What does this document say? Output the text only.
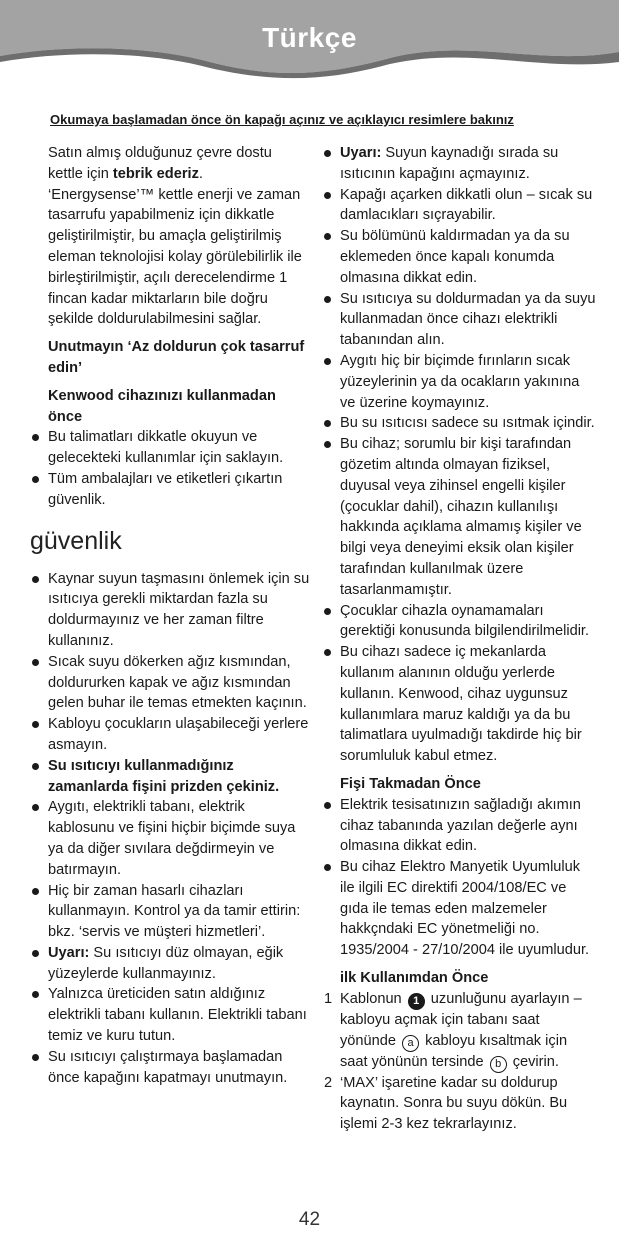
Türkçe
Okumaya başlamadan önce ön kapağı açınız ve açıklayıcı resimlere bakınız

Satın almış olduğunuz çevre dostu kettle için tebrik ederiz. ‘Energysense’™ kettle enerji ve zaman tasarrufu yapabilmeniz için dikkatle geliştirilmiştir, bu amaçla geliştirilmiş eleman teknolojisi kolay görülebilirlik ile birleştirilmiştir, açılı derecelendirme 1 fincan kadar miktarların bile doğru şekilde doldurulabilmesini sağlar.

Unutmayın ‘Az doldurun çok tasarruf edin’

Kenwood cihazınızı kullanmadan önce

Bu talimatları dikkatle okuyun ve gelecekteki kullanımlar için saklayın.
Tüm ambalajları ve etiketleri çıkartın güvenlik.
güvenlik
Kaynar suyun taşmasını önlemek için su ısıtıcıya gerekli miktardan fazla su doldurmayınız ve her zaman filtre kullanınız.
Sıcak suyu dökerken ağız kısmından, doldururken kapak ve ağız kısmından gelen buhar ile temas etmekten kaçının.
Kabloyu çocukların ulaşabileceği yerlere asmayın.
Su ısıtıcıyı kullanmadığınız zamanlarda fişini prizden çekiniz.
Aygıtı, elektrikli tabanı, elektrik kablosunu ve fişini hiçbir biçimde suya ya da diğer sıvılara değdirmeyin ve batırmayın.
Hiç bir zaman hasarlı cihazları kullanmayın. Kontrol ya da tamir ettirin: bkz. ‘servis ve müşteri hizmetleri’.
Uyarı: Su ısıtıcıyı düz olmayan, eğik yüzeylerde kullanmayınız.
Yalnızca üreticiden satın aldığınız elektrikli tabanı kullanın. Elektrikli tabanı temiz ve kuru tutun.
Su ısıtıcıyı çalıştırmaya başlamadan önce kapağını kapatmayı unutmayın.
Uyarı: Suyun kaynadığı sırada su ısıtıcının kapağını açmayınız.
Kapağı açarken dikkatli olun – sıcak su damlacıkları sıçrayabilir.
Su bölümünü kaldırmadan ya da su eklemeden önce kapalı konumda olmasına dikkat edin.
Su ısıtıcıya su doldurmadan ya da suyu kullanmadan önce cihazı elektrikli tabanından alın.
Aygıtı hiç bir biçimde fırınların sıcak yüzeylerinin ya da ocakların yakınına ve üzerine koymayınız.
Bu su ısıtıcısı sadece su ısıtmak içindir.
Bu cihaz; sorumlu bir kişi tarafından gözetim altında olmayan fiziksel, duyusal veya zihinsel engelli kişiler (çocuklar dahil), cihazın kullanılışı hakkında açıklama almamış kişiler ve bilgi veya deneyimi eksik olan kişiler tarafından kullanılmak üzere tasarlanmamıştır.
Çocuklar cihazla oynamamaları gerektiği konusunda bilgilendirilmelidir.
Bu cihazı sadece iç mekanlarda kullanım alanının olduğu yerlerde kullanın. Kenwood, cihaz uygunsuz kullanımlara maruz kaldığı ya da bu talimatlara uyulmadığı takdirde hiç bir sorumluluk kabul etmez.

Fişi Takmadan Önce

Elektrik tesisatınızın sağladığı akımın cihaz tabanında yazılan değerle aynı olmasına dikkat edin.
Bu cihaz Elektro Manyetik Uyumluluk ile ilgili EC direktifi 2004/108/EC ve gıda ile temas eden malzemeler hakkçndaki EC yönetmeliği no. 1935/2004 - 27/10/2004 ile uyumludur.

ilk Kullanımdan Önce

1 Kablonun 1 uzunluğunu ayarlayın – kabloyu açmak için tabanı saat yönünde a kabloyu kısaltmak için saat yönünün tersinde b çevirin.
2 ‘MAX’ işaretine kadar su doldurup kaynatın. Sonra bu suyu dökün. Bu işlemi 2-3 kez tekrarlayınız.
42
